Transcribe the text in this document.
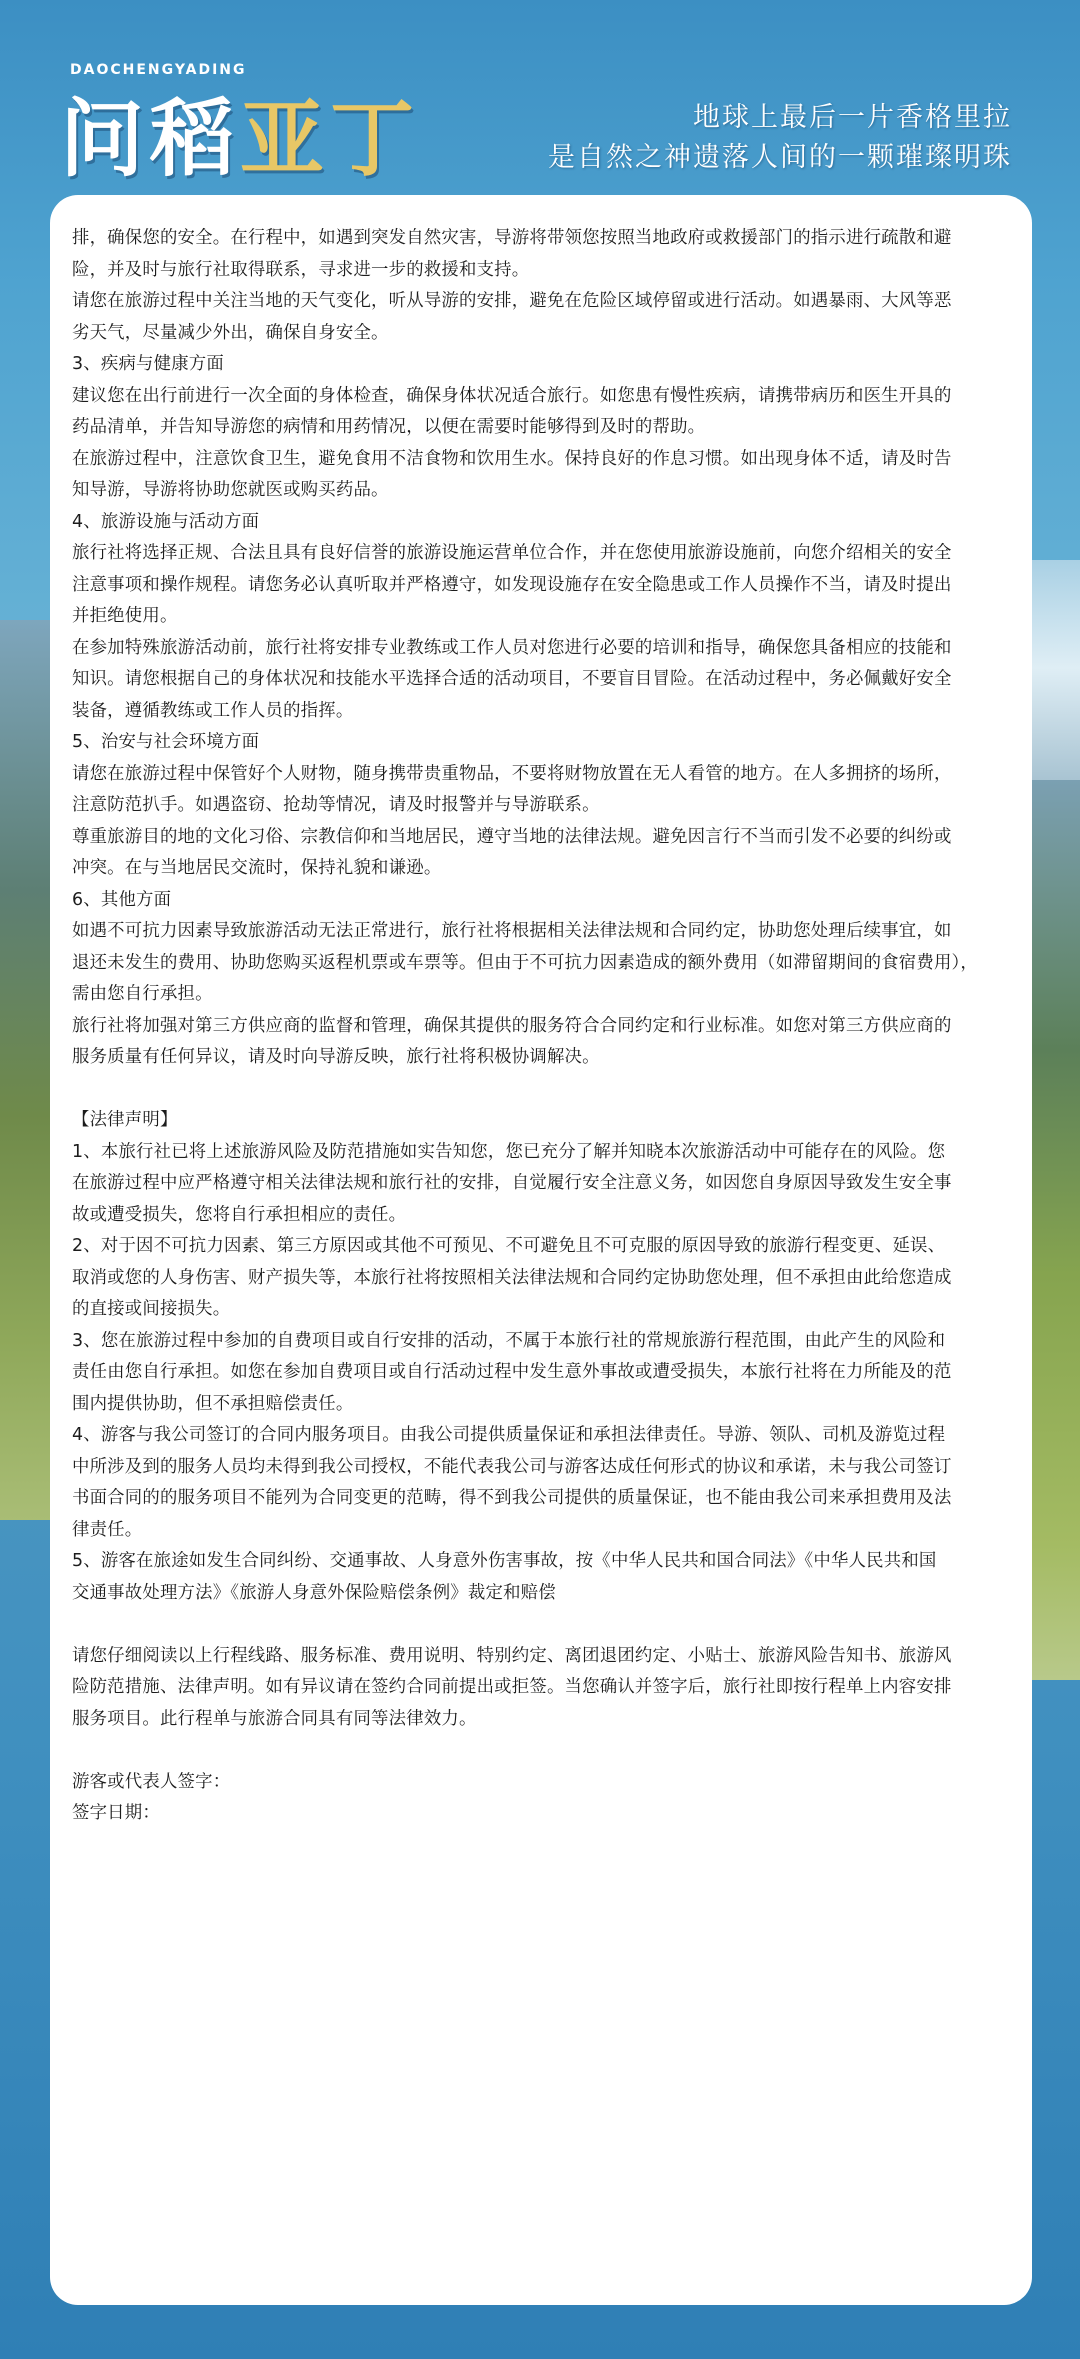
DAOCHENGYADING
问稻亚丁	地球上最后一片香格里拉
是自然之神遗落人间的一颗璀璨明珠

排，确保您的安全。在行程中，如遇到突发自然灾害，导游将带领您按照当地政府或救援部门的指示进行疏散和避

险，并及时与旅行社取得联系，寻求进一步的救援和支持。

请您在旅游过程中关注当地的天气变化，听从导游的安排，避免在危险区域停留或进行活动。如遇暴雨、大风等恶

劣天气，尽量减少外出，确保自身安全。

3、疾病与健康方面

建议您在出行前进行一次全面的身体检查，确保身体状况适合旅行。如您患有慢性疾病，请携带病历和医生开具的

药品清单，并告知导游您的病情和用药情况，以便在需要时能够得到及时的帮助。

在旅游过程中，注意饮食卫生，避免食用不洁食物和饮用生水。保持良好的作息习惯。如出现身体不适，请及时告

知导游，导游将协助您就医或购买药品。

4、旅游设施与活动方面

旅行社将选择正规、合法且具有良好信誉的旅游设施运营单位合作，并在您使用旅游设施前，向您介绍相关的安全

注意事项和操作规程。请您务必认真听取并严格遵守，如发现设施存在安全隐患或工作人员操作不当，请及时提出

并拒绝使用。

在参加特殊旅游活动前，旅行社将安排专业教练或工作人员对您进行必要的培训和指导，确保您具备相应的技能和

知识。请您根据自己的身体状况和技能水平选择合适的活动项目，不要盲目冒险。在活动过程中，务必佩戴好安全

装备，遵循教练或工作人员的指挥。

5、治安与社会环境方面

请您在旅游过程中保管好个人财物，随身携带贵重物品，不要将财物放置在无人看管的地方。在人多拥挤的场所，

注意防范扒手。如遇盗窃、抢劫等情况，请及时报警并与导游联系。

尊重旅游目的地的文化习俗、宗教信仰和当地居民，遵守当地的法律法规。避免因言行不当而引发不必要的纠纷或

冲突。在与当地居民交流时，保持礼貌和谦逊。

6、其他方面

如遇不可抗力因素导致旅游活动无法正常进行，旅行社将根据相关法律法规和合同约定，协助您处理后续事宜，如

退还未发生的费用、协助您购买返程机票或车票等。但由于不可抗力因素造成的额外费用（如滞留期间的食宿费用），

需由您自行承担。

旅行社将加强对第三方供应商的监督和管理，确保其提供的服务符合合同约定和行业标准。如您对第三方供应商的

服务质量有任何异议，请及时向导游反映，旅行社将积极协调解决。

【法律声明】

1、本旅行社已将上述旅游风险及防范措施如实告知您，您已充分了解并知晓本次旅游活动中可能存在的风险。您

在旅游过程中应严格遵守相关法律法规和旅行社的安排，自觉履行安全注意义务，如因您自身原因导致发生安全事

故或遭受损失，您将自行承担相应的责任。

2、对于因不可抗力因素、第三方原因或其他不可预见、不可避免且不可克服的原因导致的旅游行程变更、延误、

取消或您的人身伤害、财产损失等，本旅行社将按照相关法律法规和合同约定协助您处理，但不承担由此给您造成

的直接或间接损失。

3、您在旅游过程中参加的自费项目或自行安排的活动，不属于本旅行社的常规旅游行程范围，由此产生的风险和

责任由您自行承担。如您在参加自费项目或自行活动过程中发生意外事故或遭受损失，本旅行社将在力所能及的范

围内提供协助，但不承担赔偿责任。

4、游客与我公司签订的合同内服务项目。由我公司提供质量保证和承担法律责任。导游、领队、司机及游览过程

中所涉及到的服务人员均未得到我公司授权，不能代表我公司与游客达成任何形式的协议和承诺，未与我公司签订

书面合同的的服务项目不能列为合同变更的范畴，得不到我公司提供的质量保证，也不能由我公司来承担费用及法

律责任。

5、游客在旅途如发生合同纠纷、交通事故、人身意外伤害事故，按《中华人民共和国合同法》《中华人民共和国

交通事故处理方法》《旅游人身意外保险赔偿条例》裁定和赔偿

请您仔细阅读以上行程线路、服务标准、费用说明、特别约定、离团退团约定、小贴士、旅游风险告知书、旅游风

险防范措施、法律声明。如有异议请在签约合同前提出或拒签。当您确认并签字后，旅行社即按行程单上内容安排

服务项目。此行程单与旅游合同具有同等法律效力。

游客或代表人签字：

签字日期：
